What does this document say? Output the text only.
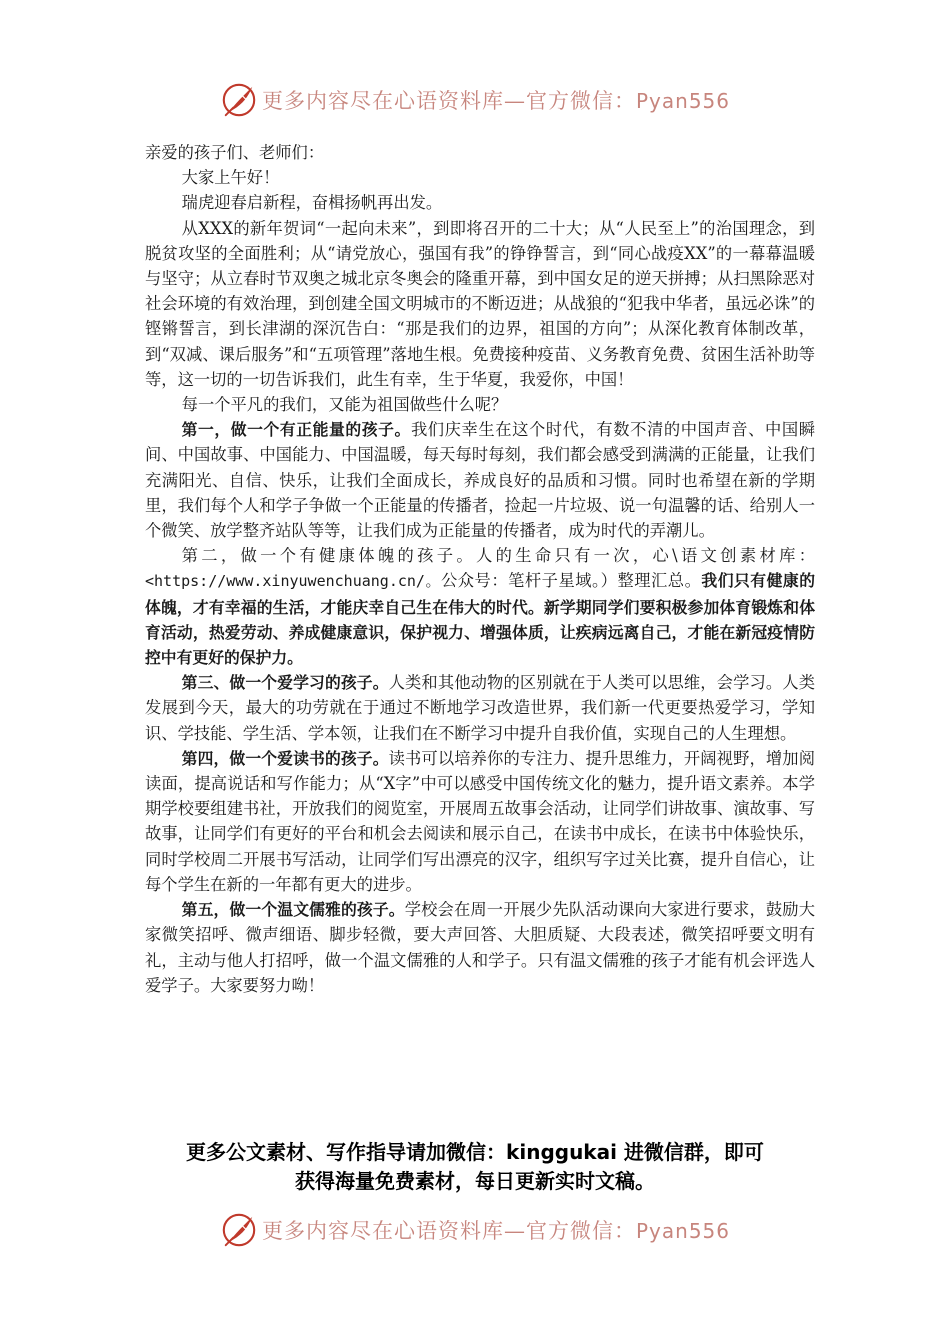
更多内容尽在心语资料库—官方微信：Pyan556

亲爱的孩子们、老师们：

大家上午好！

瑞虎迎春启新程，奋楫扬帆再出发。

从XXX的新年贺词“一起向未来”，到即将召开的二十大；从“人民至上”的治国理念，到脱贫攻坚的全面胜利；从“请党放心，强国有我”的铮铮誓言，到“同心战疫XX”的一幕幕温暖与坚守；从立春时节双奥之城北京冬奥会的隆重开幕，到中国女足的逆天拼搏；从扫黑除恶对社会环境的有效治理，到创建全国文明城市的不断迈进；从战狼的“犯我中华者，虽远必诛”的铿锵誓言，到长津湖的深沉告白：“那是我们的边界，祖国的方向”；从深化教育体制改革，到“双减、课后服务”和“五项管理”落地生根。免费接种疫苗、义务教育免费、贫困生活补助等等，这一切的一切告诉我们，此生有幸，生于华夏，我爱你，中国！

每一个平凡的我们，又能为祖国做些什么呢？

第一，做一个有正能量的孩子。我们庆幸生在这个时代，有数不清的中国声音、中国瞬间、中国故事、中国能力、中国温暖，每天每时每刻，我们都会感受到满满的正能量，让我们充满阳光、自信、快乐，让我们全面成长，养成良好的品质和习惯。同时也希望在新的学期里，我们每个人和学子争做一个正能量的传播者，捡起一片垃圾、说一句温馨的话、给别人一个微笑、放学整齐站队等等，让我们成为正能量的传播者，成为时代的弄潮儿。

第二，做一个有健康体魄的孩子。人的生命只有一次，心\语文创素材库：<https://www.xinyuwenchuang.cn/。公众号：笔杆子星域。）整理汇总。我们只有健康的体魄，才有幸福的生活，才能庆幸自己生在伟大的时代。新学期同学们要积极参加体育锻炼和体育活动，热爱劳动、养成健康意识，保护视力、增强体质，让疾病远离自己，才能在新冠疫情防控中有更好的保护力。

第三、做一个爱学习的孩子。人类和其他动物的区别就在于人类可以思维，会学习。人类发展到今天，最大的功劳就在于通过不断地学习改造世界，我们新一代更要热爱学习，学知识、学技能、学生活、学本领，让我们在不断学习中提升自我价值，实现自己的人生理想。

第四，做一个爱读书的孩子。读书可以培养你的专注力、提升思维力，开阔视野，增加阅读面，提高说话和写作能力；从“X字”中可以感受中国传统文化的魅力，提升语文素养。本学期学校要组建书社，开放我们的阅览室，开展周五故事会活动，让同学们讲故事、演故事、写故事，让同学们有更好的平台和机会去阅读和展示自己，在读书中成长，在读书中体验快乐，同时学校周二开展书写活动，让同学们写出漂亮的汉字，组织写字过关比赛，提升自信心，让每个学生在新的一年都有更大的进步。

第五，做一个温文儒雅的孩子。学校会在周一开展少先队活动课向大家进行要求，鼓励大家微笑招呼、微声细语、脚步轻微，要大声回答、大胆质疑、大段表述，微笑招呼要文明有礼，主动与他人打招呼，做一个温文儒雅的人和学子。只有温文儒雅的孩子才能有机会评选人爱学子。大家要努力呦！

更多公文素材、写作指导请加微信：kinggukai 进微信群，即可
获得海量免费素材，每日更新实时文稿。
更多内容尽在心语资料库—官方微信：Pyan556
